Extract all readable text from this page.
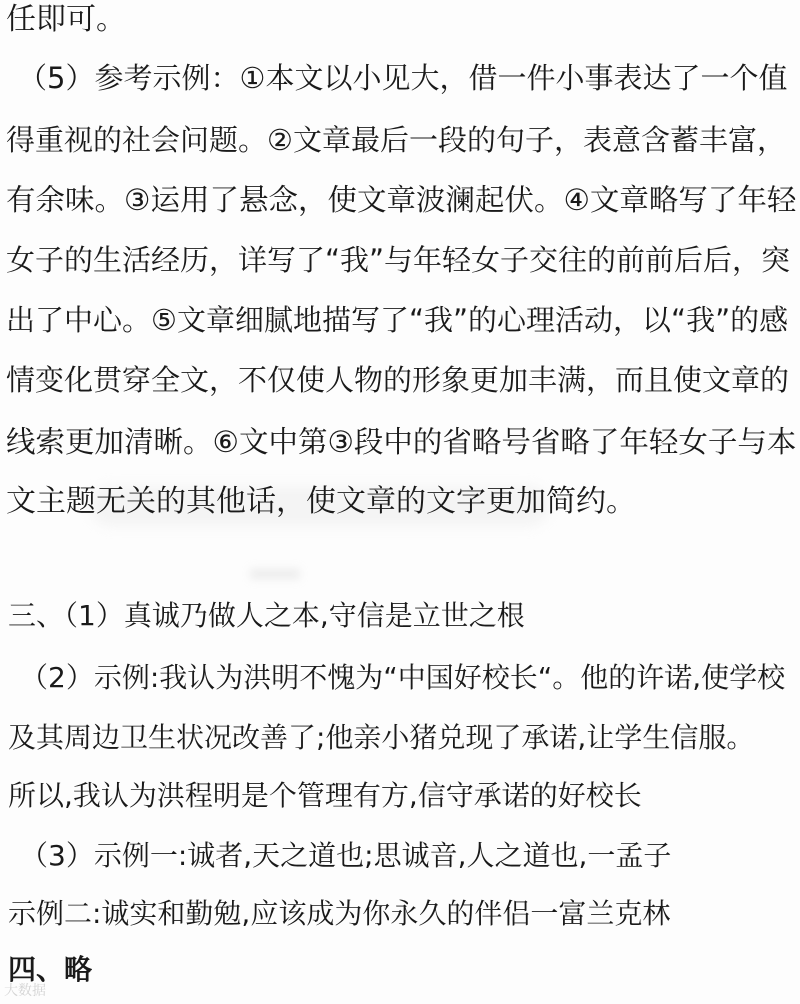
任即可。
（5）参考示例：①本文以小见大，借一件小事表达了一个值
得重视的社会问题。②文章最后一段的句子，表意含蓄丰富，
有余味。③运用了悬念，使文章波澜起伏。④文章略写了年轻
女子的生活经历，详写了“我”与年轻女子交往的前前后后，突
出了中心。⑤文章细腻地描写了“我”的心理活动，以“我”的感
情变化贯穿全文，不仅使人物的形象更加丰满，而且使文章的
线索更加清晰。⑥文中第③段中的省略号省略了年轻女子与本
文主题无关的其他话，使文章的文字更加简约。
三、（1）真诚乃做人之本,守信是立世之根
（2）示例:我认为洪明不愧为“中国好校长“。他的许诺,使学校
及其周边卫生状况改善了;他亲小猪兑现了承诺,让学生信服。
所以,我认为洪程明是个管理有方,信守承诺的好校长
（3）示例一:诚者,天之道也;思诚音,人之道也,一孟子
示例二:诚实和勤勉,应该成为你永久的伴侣一富兰克林
四、略
大数据
